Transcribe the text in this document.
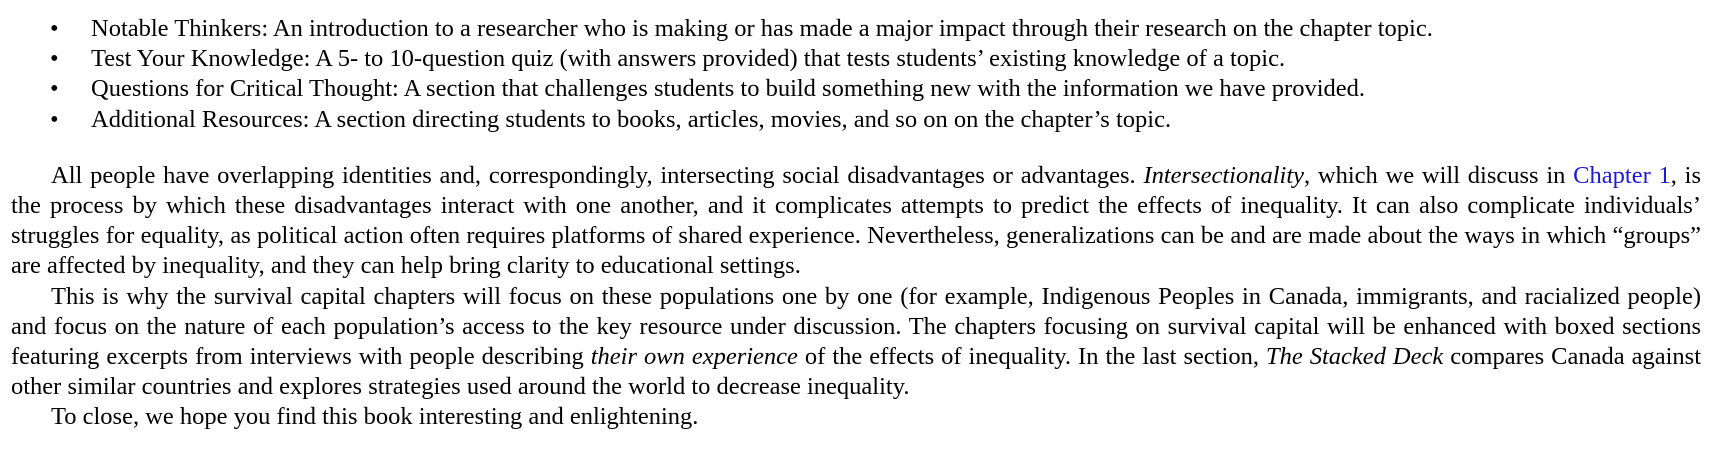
• Notable Thinkers: An introduction to a researcher who is making or has made a major impact through their research on the chapter topic.
• Test Your Knowledge: A 5- to 10-question quiz (with answers provided) that tests students’ existing knowledge of a topic.
• Questions for Critical Thought: A section that challenges students to build something new with the information we have provided.
• Additional Resources: A section directing students to books, articles, movies, and so on on the chapter’s topic.

All people have overlapping identities and, correspondingly, intersecting social disadvantages or advantages. Intersectionality, which we will discuss in Chapter 1, is the process by which these disadvantages interact with one another, and it complicates attempts to predict the effects of inequality. It can also complicate individuals’ struggles for equality, as political action often requires platforms of shared experience. Nevertheless, generalizations can be and are made about the ways in which “groups” are affected by inequality, and they can help bring clarity to educational settings.

This is why the survival capital chapters will focus on these populations one by one (for example, Indigenous Peoples in Canada, immigrants, and racialized people) and focus on the nature of each population’s access to the key resource under discussion. The chapters focusing on survival capital will be enhanced with boxed sections featuring excerpts from interviews with people describing their own experience of the effects of inequality. In the last section, The Stacked Deck compares Canada against other similar countries and explores strategies used around the world to decrease inequality.

To close, we hope you find this book interesting and enlightening.
